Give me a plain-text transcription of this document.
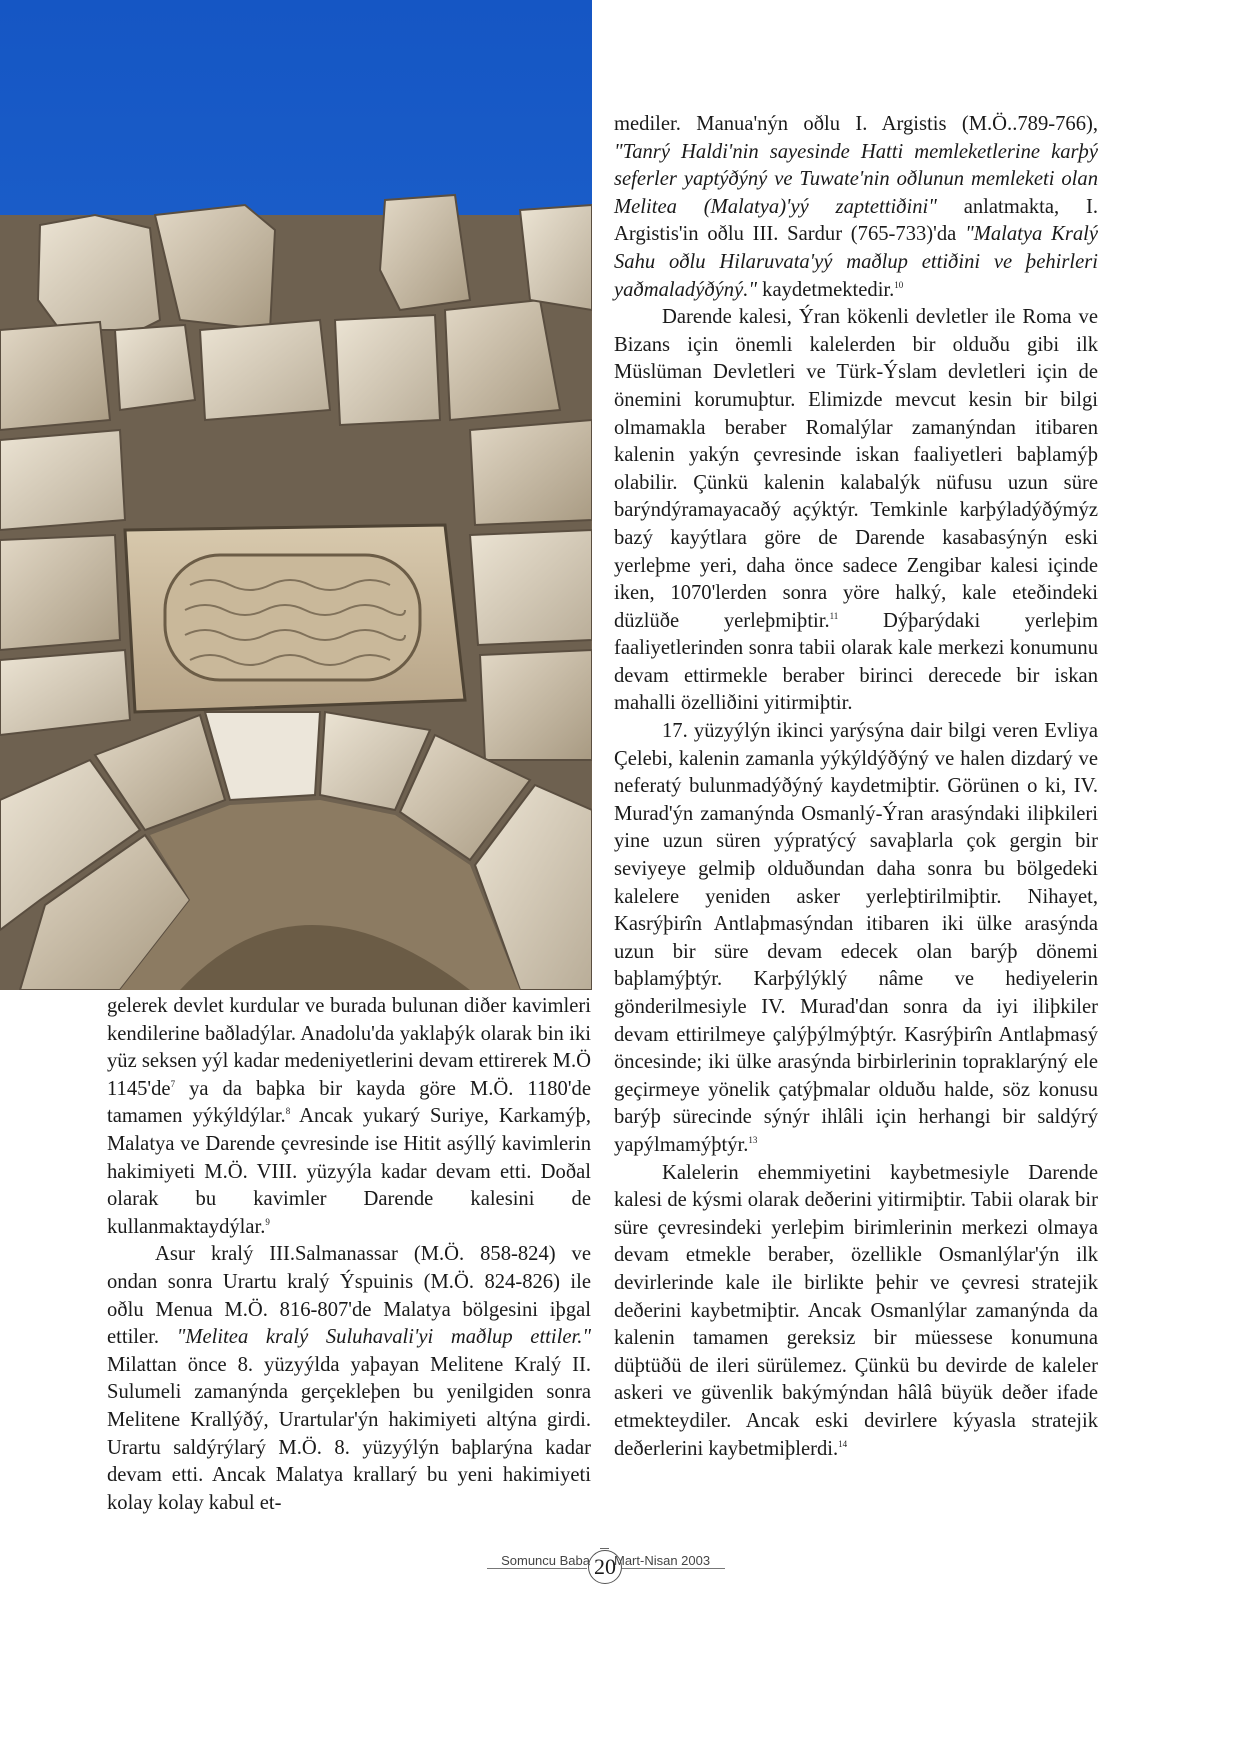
gelerek devlet kurdular ve burada bulunan diðer kavimleri kendilerine baðladýlar. Anadolu'da yaklaþýk olarak bin iki yüz seksen yýl kadar medeniyetlerini devam ettirerek M.Ö $1145'de^7$ ya da baþka bir kayda göre M.Ö. 1180'de tamamen yýkýldýlar.$^8$ Ancak yukarý Suriye, Karkamýþ, Malatya ve Darende çevresinde ise Hitit asýllý kavimlerin hakimiyeti M.Ö. VIII. yüzyýla kadar devam etti. Doðal olarak bu kavimler Darende kalesini de kullanmaktaydýlar.$^9$

Asur kralý III.Salmanassar (M.Ö. 858-824) ve ondan sonra Urartu kralý Ýspuinis (M.Ö. 824-826) ile oðlu Menua M.Ö. 816-807'de Malatya bölgesini iþgal ettiler. "Melitea kralý Suluhavali'yi maðlup ettiler." Milattan önce 8. yüzyýlda yaþayan Melitene Kralý II. Sulumeli zamanýnda gerçekleþen bu yenilgiden sonra Melitene Krallýðý, Urartular'ýn hakimiyeti altýna girdi. Urartu saldýrýlarý M.Ö. 8. yüzyýlýn baþlarýna kadar devam etti. Ancak Malatya krallarý bu yeni hakimiyeti kolay kolay kabul et-

mediler. Manua'nýn oðlu I. Argistis (M.Ö..789-766), "Tanrý Haldi'nin sayesinde Hatti memleketlerine karþý seferler yaptýðýný ve Tuwate'nin oðlunun memleketi olan Melitea (Malatya)'yý zaptettiðini" anlatmakta, I. Argistis'in oðlu III. Sardur (765-733)'da "Malatya Kralý Sahu oðlu Hilaruvata'yý maðlup ettiðini ve þehirleri yaðmaladýðýný." kaydetmektedir.$^{10}$

Darende kalesi, Ýran kökenli devletler ile Roma ve Bizans için önemli kalelerden bir olduðu gibi ilk Müslüman Devletleri ve Türk-Ýslam devletleri için de önemini korumuþtur. Elimizde mevcut kesin bir bilgi olmamakla beraber Romalýlar zamanýndan itibaren kalenin yakýn çevresinde iskan faaliyetleri baþlamýþ olabilir. Çünkü kalenin kalabalýk nüfusu uzun süre barýndýramayacaðý açýktýr. Temkinle karþýladýðýmýz bazý kayýtlara göre de Darende kasabasýnýn eski yerleþme yeri, daha önce sadece Zengibar kalesi içinde iken, 1070'lerden sonra yöre halký, kale eteðindeki düzlüðe yerleþmiþtir.$^{11}$ Dýþarýdaki yerleþim faaliyetlerinden sonra tabii olarak kale merkezi konumunu devam ettirmekle beraber birinci derecede bir iskan mahalli özelliðini yitirmiþtir.

17. yüzyýlýn ikinci yarýsýna dair bilgi veren Evliya Çelebi, kalenin zamanla yýkýldýðýný ve halen dizdarý ve neferatý bulunmadýðýný kaydetmiþtir. Görünen o ki, IV. Murad'ýn zamanýnda Osmanlý-Ýran arasýndaki iliþkileri yine uzun süren yýpratýcý savaþlarla çok gergin bir seviyeye gelmiþ olduðundan daha sonra bu bölgedeki kalelere yeniden asker yerleþtirilmiþtir. Nihayet, Kasrýþirîn Antlaþmasýndan itibaren iki ülke arasýnda uzun bir süre devam edecek olan barýþ dönemi baþlamýþtýr. Karþýlýklý nâme ve hediyelerin gönderilmesiyle IV. Murad'dan sonra da iyi iliþkiler devam ettirilmeye çalýþýlmýþtýr. Kasrýþirîn Antlaþmasý öncesinde; iki ülke arasýnda birbirlerinin topraklarýný ele geçirmeye yönelik çatýþmalar olduðu halde, söz konusu barýþ sürecinde sýnýr ihlâli için herhangi bir saldýrý yapýlmamýþtýr.$^{13}$

Kalelerin ehemmiyetini kaybetmesiyle Darende kalesi de kýsmi olarak deðerini yitirmiþtir. Tabii olarak bir süre çevresindeki yerleþim birimlerinin merkezi olmaya devam etmekle beraber, özellikle Osmanlýlar'ýn ilk devirlerinde kale ile birlikte þehir ve çevresi stratejik deðerini kaybetmiþtir. Ancak Osmanlýlar zamanýnda da kalenin tamamen gereksiz bir müessese konumuna düþtüðü de ileri sürülemez. Çünkü bu devirde de kaleler askeri ve güvenlik bakýmýndan hâlâ büyük deðer ifade etmekteydiler. Ancak eski devirlere kýyasla stratejik deðerlerini kaybetmiþlerdi.$^{14}$

Somuncu Baba 20
Mart-Nisan 2003
